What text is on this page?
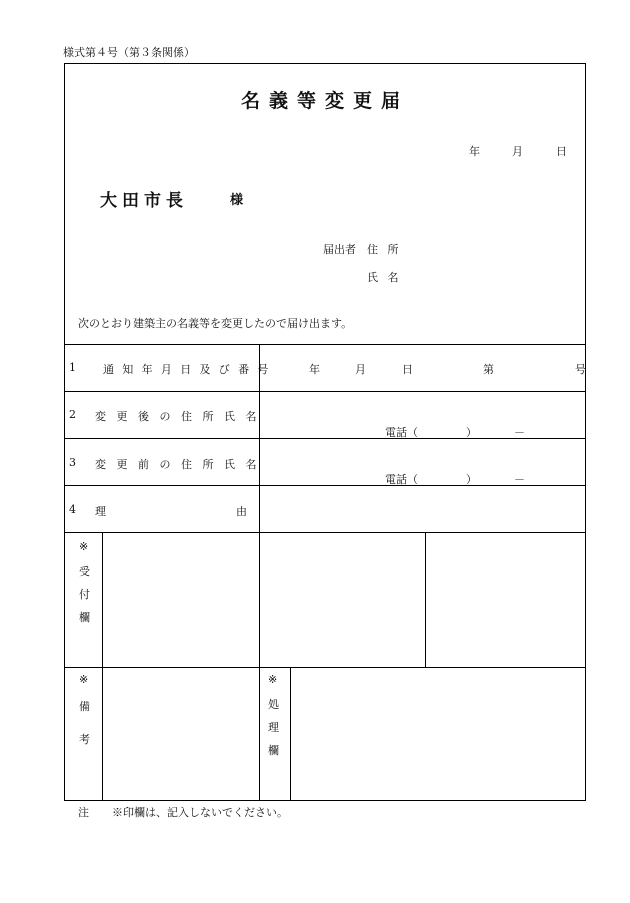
様式第４号（第３条関係）
名義等変更届
年	月	日
大田市長	様
届出者 住 所
氏 名
次のとおり建築主の名義等を変更したので届け出ます。
1 通知年月日及び番号	年	月	日	第	号
2 変更後の住所氏名
電話（	）	－
3 変更前の住所氏名
電話（	）	－
4 理	由
※
受
付
欄
※
備
考
※
処
理
欄
注 ※印欄は、記入しないでください。
